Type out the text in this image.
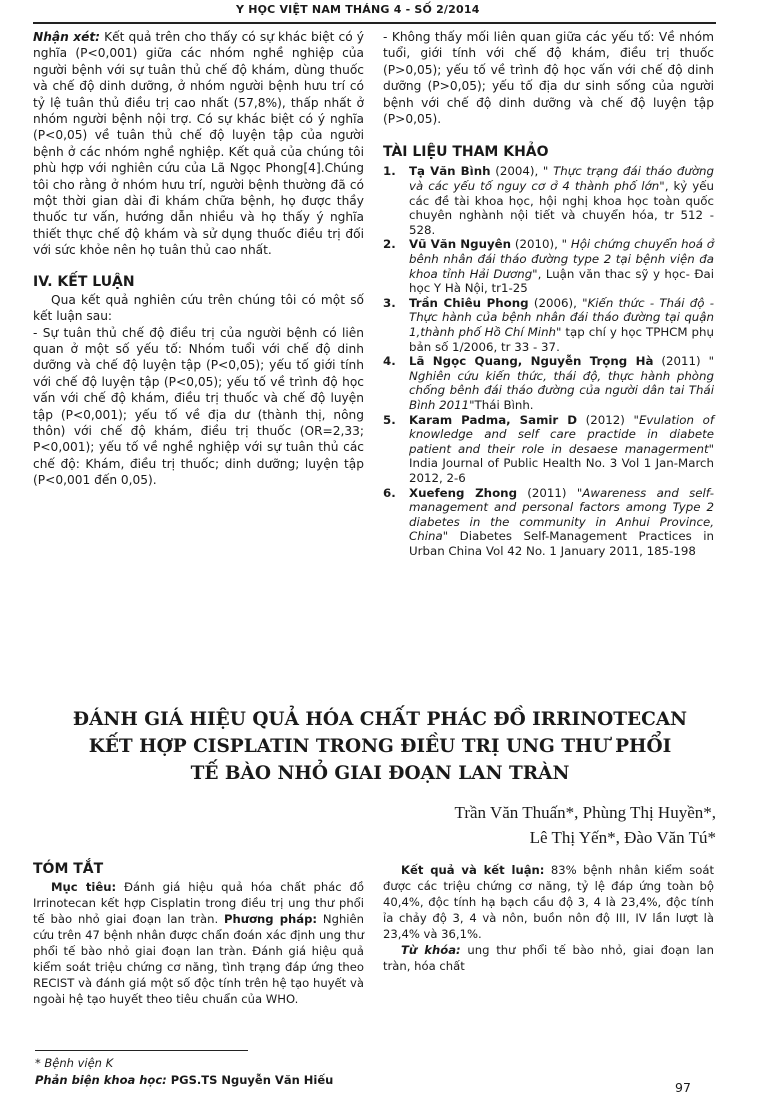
Y HỌC VIỆT NAM THÁNG 4 - SỐ 2/2014

Nhận xét: Kết quả trên cho thấy có sự khác biệt có ý nghĩa (P<0,001) giữa các nhóm nghề nghiệp của người bệnh với sự tuân thủ chế độ khám, dùng thuốc và chế độ dinh dưỡng, ở nhóm người bệnh hưu trí có tỷ lệ tuân thủ điều trị cao nhất (57,8%), thấp nhất ở nhóm người bệnh nội trợ. Có sự khác biệt có ý nghĩa (P<0,05) về tuân thủ chế độ luyện tập của người bệnh ở các nhóm nghề nghiệp. Kết quả của chúng tôi phù hợp với nghiên cứu của Lã Ngọc Phong[4].Chúng tôi cho rằng ở nhóm hưu trí, người bệnh thường đã có một thời gian dài đi khám chữa bệnh, họ được thầy thuốc tư vấn, hướng dẫn nhiều và họ thấy ý nghĩa thiết thực chế độ khám và sử dụng thuốc điều trị đối với sức khỏe nên họ tuân thủ cao nhất.

IV. KẾT LUẬN

Qua kết quả nghiên cứu trên chúng tôi có một số kết luận sau:

- Sự tuân thủ chế độ điều trị của người bệnh có liên quan ở một số yếu tố: Nhóm tuổi với chế độ dinh dưỡng và chế độ luyện tập (P<0,05); yếu tố giới tính với chế độ luyện tập (P<0,05); yếu tố về trình độ học vấn với chế độ khám, điều trị thuốc và chế độ luyện tập (P<0,001); yếu tố về địa dư (thành thị, nông thôn) với chế độ khám, điều trị thuốc (OR=2,33; P<0,001); yếu tố về nghề nghiệp với sự tuân thủ các chế độ: Khám, điều trị thuốc; dinh dưỡng; luyện tập (P<0,001 đến 0,05).

- Không thấy mối liên quan giữa các yếu tố: Về nhóm tuổi, giới tính với chế độ khám, điều trị thuốc (P>0,05); yếu tố về trình độ học vấn với chế độ dinh dưỡng (P>0,05); yếu tố địa dư sinh sống của người bệnh với chế độ dinh dưỡng và chế độ luyện tập (P>0,05).

TÀI LIỆU THAM KHẢO

1. Tạ Văn Bình (2004), " Thực trạng đái tháo đường và các yếu tố nguy cơ ở 4 thành phố lớn", kỷ yếu các đề tài khoa học, hội nghị khoa học toàn quốc chuyên nghành nội tiết và chuyển hóa, tr 512 - 528.
2. Vũ Văn Nguyên (2010), " Hội chứng chuyển hoá ở bênh nhân đái tháo đường type 2 tại bệnh viện đa khoa tỉnh Hải Dương", Luận văn thac sỹ y học- Đai học Y Hà Nội, tr1-25
3. Trần Chiêu Phong (2006), "Kiến thức - Thái độ - Thực hành của bệnh nhân đái tháo đường tại quận 1,thành phố Hồ Chí Minh" tạp chí y học TPHCM phụ bản số 1/2006, tr 33 - 37.
4. Lã Ngọc Quang, Nguyễn Trọng Hà (2011) " Nghiên cứu kiến thức, thái độ, thực hành phòng chống bênh đái tháo đường của người dân tai Thái Bình 2011"Thái Bình.
5. Karam Padma, Samir D (2012) "Evulation of knowledge and self care practide in diabete patient and their role in desaese managerment" India Journal of Public Health No. 3 Vol 1 Jan-March 2012, 2-6
6. Xuefeng Zhong (2011) "Awareness and self-management and personal factors among Type 2 diabetes in the community in Anhui Province, China" Diabetes Self-Management Practices in Urban China Vol 42 No. 1 January 2011, 185-198
ĐÁNH GIÁ HIỆU QUẢ HÓA CHẤT PHÁC ĐỒ IRRINOTECAN
KẾT HỢP CISPLATIN TRONG ĐIỀU TRỊ UNG THƯ PHỔI
TẾ BÀO NHỎ GIAI ĐOẠN LAN TRÀN
Trần Văn Thuấn*, Phùng Thị Huyền*,
Lê Thị Yến*, Đào Văn Tú*

TÓM TẮT

Mục tiêu: Đánh giá hiệu quả hóa chất phác đồ Irrinotecan kết hợp Cisplatin trong điều trị ung thư phổi tế bào nhỏ giai đoạn lan tràn. Phương pháp: Nghiên cứu trên 47 bệnh nhân được chẩn đoán xác định ung thư phổi tế bào nhỏ giai đoạn lan tràn. Đánh giá hiệu quả kiểm soát triệu chứng cơ năng, tình trạng đáp ứng theo RECIST và đánh giá một số độc tính trên hệ tạo huyết và ngoài hệ tạo huyết theo tiêu chuẩn của WHO.

Kết quả và kết luận: 83% bệnh nhân kiểm soát được các triệu chứng cơ năng, tỷ lệ đáp ứng toàn bộ 40,4%, độc tính hạ bạch cầu độ 3, 4 là 23,4%, độc tính ỉa chảy độ 3, 4 và nôn, buồn nôn độ III, IV lần lượt là 23,4% và 36,1%.

Từ khóa: ung thư phổi tế bào nhỏ, giai đoạn lan tràn, hóa chất

* Bệnh viện K
Phản biện khoa học: PGS.TS Nguyễn Văn Hiếu	97
